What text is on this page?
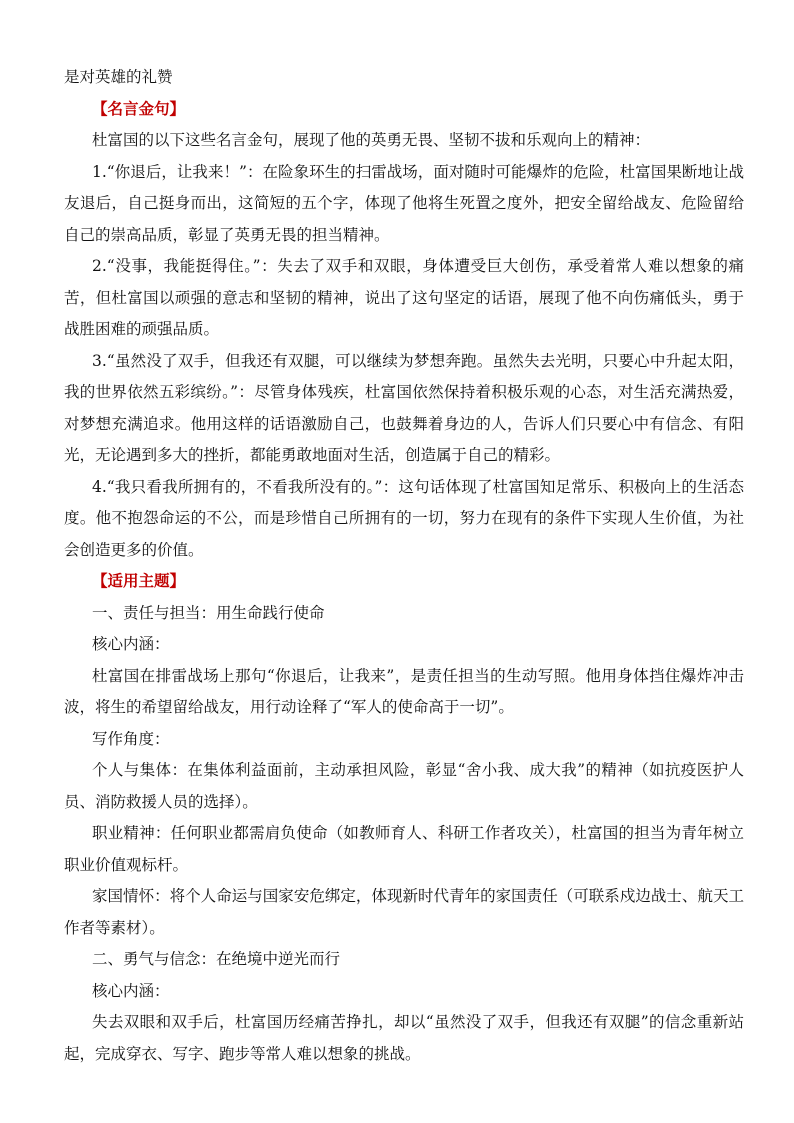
是对英雄的礼赞

【名言金句】

杜富国的以下这些名言金句，展现了他的英勇无畏、坚韧不拔和乐观向上的精神：

1.“你退后，让我来！”：在险象环生的扫雷战场，面对随时可能爆炸的危险，杜富国果断地让战友退后，自己挺身而出，这简短的五个字，体现了他将生死置之度外，把安全留给战友、危险留给自己的崇高品质，彰显了英勇无畏的担当精神。

2.“没事，我能挺得住。”：失去了双手和双眼，身体遭受巨大创伤，承受着常人难以想象的痛苦，但杜富国以顽强的意志和坚韧的精神，说出了这句坚定的话语，展现了他不向伤痛低头，勇于战胜困难的顽强品质。

3.“虽然没了双手，但我还有双腿，可以继续为梦想奔跑。虽然失去光明，只要心中升起太阳，我的世界依然五彩缤纷。”：尽管身体残疾，杜富国依然保持着积极乐观的心态，对生活充满热爱，对梦想充满追求。他用这样的话语激励自己，也鼓舞着身边的人，告诉人们只要心中有信念、有阳光，无论遇到多大的挫折，都能勇敢地面对生活，创造属于自己的精彩。

4.“我只看我所拥有的，不看我所没有的。”：这句话体现了杜富国知足常乐、积极向上的生活态度。他不抱怨命运的不公，而是珍惜自己所拥有的一切，努力在现有的条件下实现人生价值，为社会创造更多的价值。

【适用主题】

一、责任与担当：用生命践行使命

核心内涵：

杜富国在排雷战场上那句“你退后，让我来”，是责任担当的生动写照。他用身体挡住爆炸冲击波，将生的希望留给战友，用行动诠释了“军人的使命高于一切”。

写作角度：

个人与集体：在集体利益面前，主动承担风险，彰显“舍小我、成大我”的精神（如抗疫医护人员、消防救援人员的选择）。

职业精神：任何职业都需肩负使命（如教师育人、科研工作者攻关），杜富国的担当为青年树立职业价值观标杆。

家国情怀：将个人命运与国家安危绑定，体现新时代青年的家国责任（可联系戍边战士、航天工作者等素材）。

二、勇气与信念：在绝境中逆光而行

核心内涵：

失去双眼和双手后，杜富国历经痛苦挣扎，却以“虽然没了双手，但我还有双腿”的信念重新站起，完成穿衣、写字、跑步等常人难以想象的挑战。
